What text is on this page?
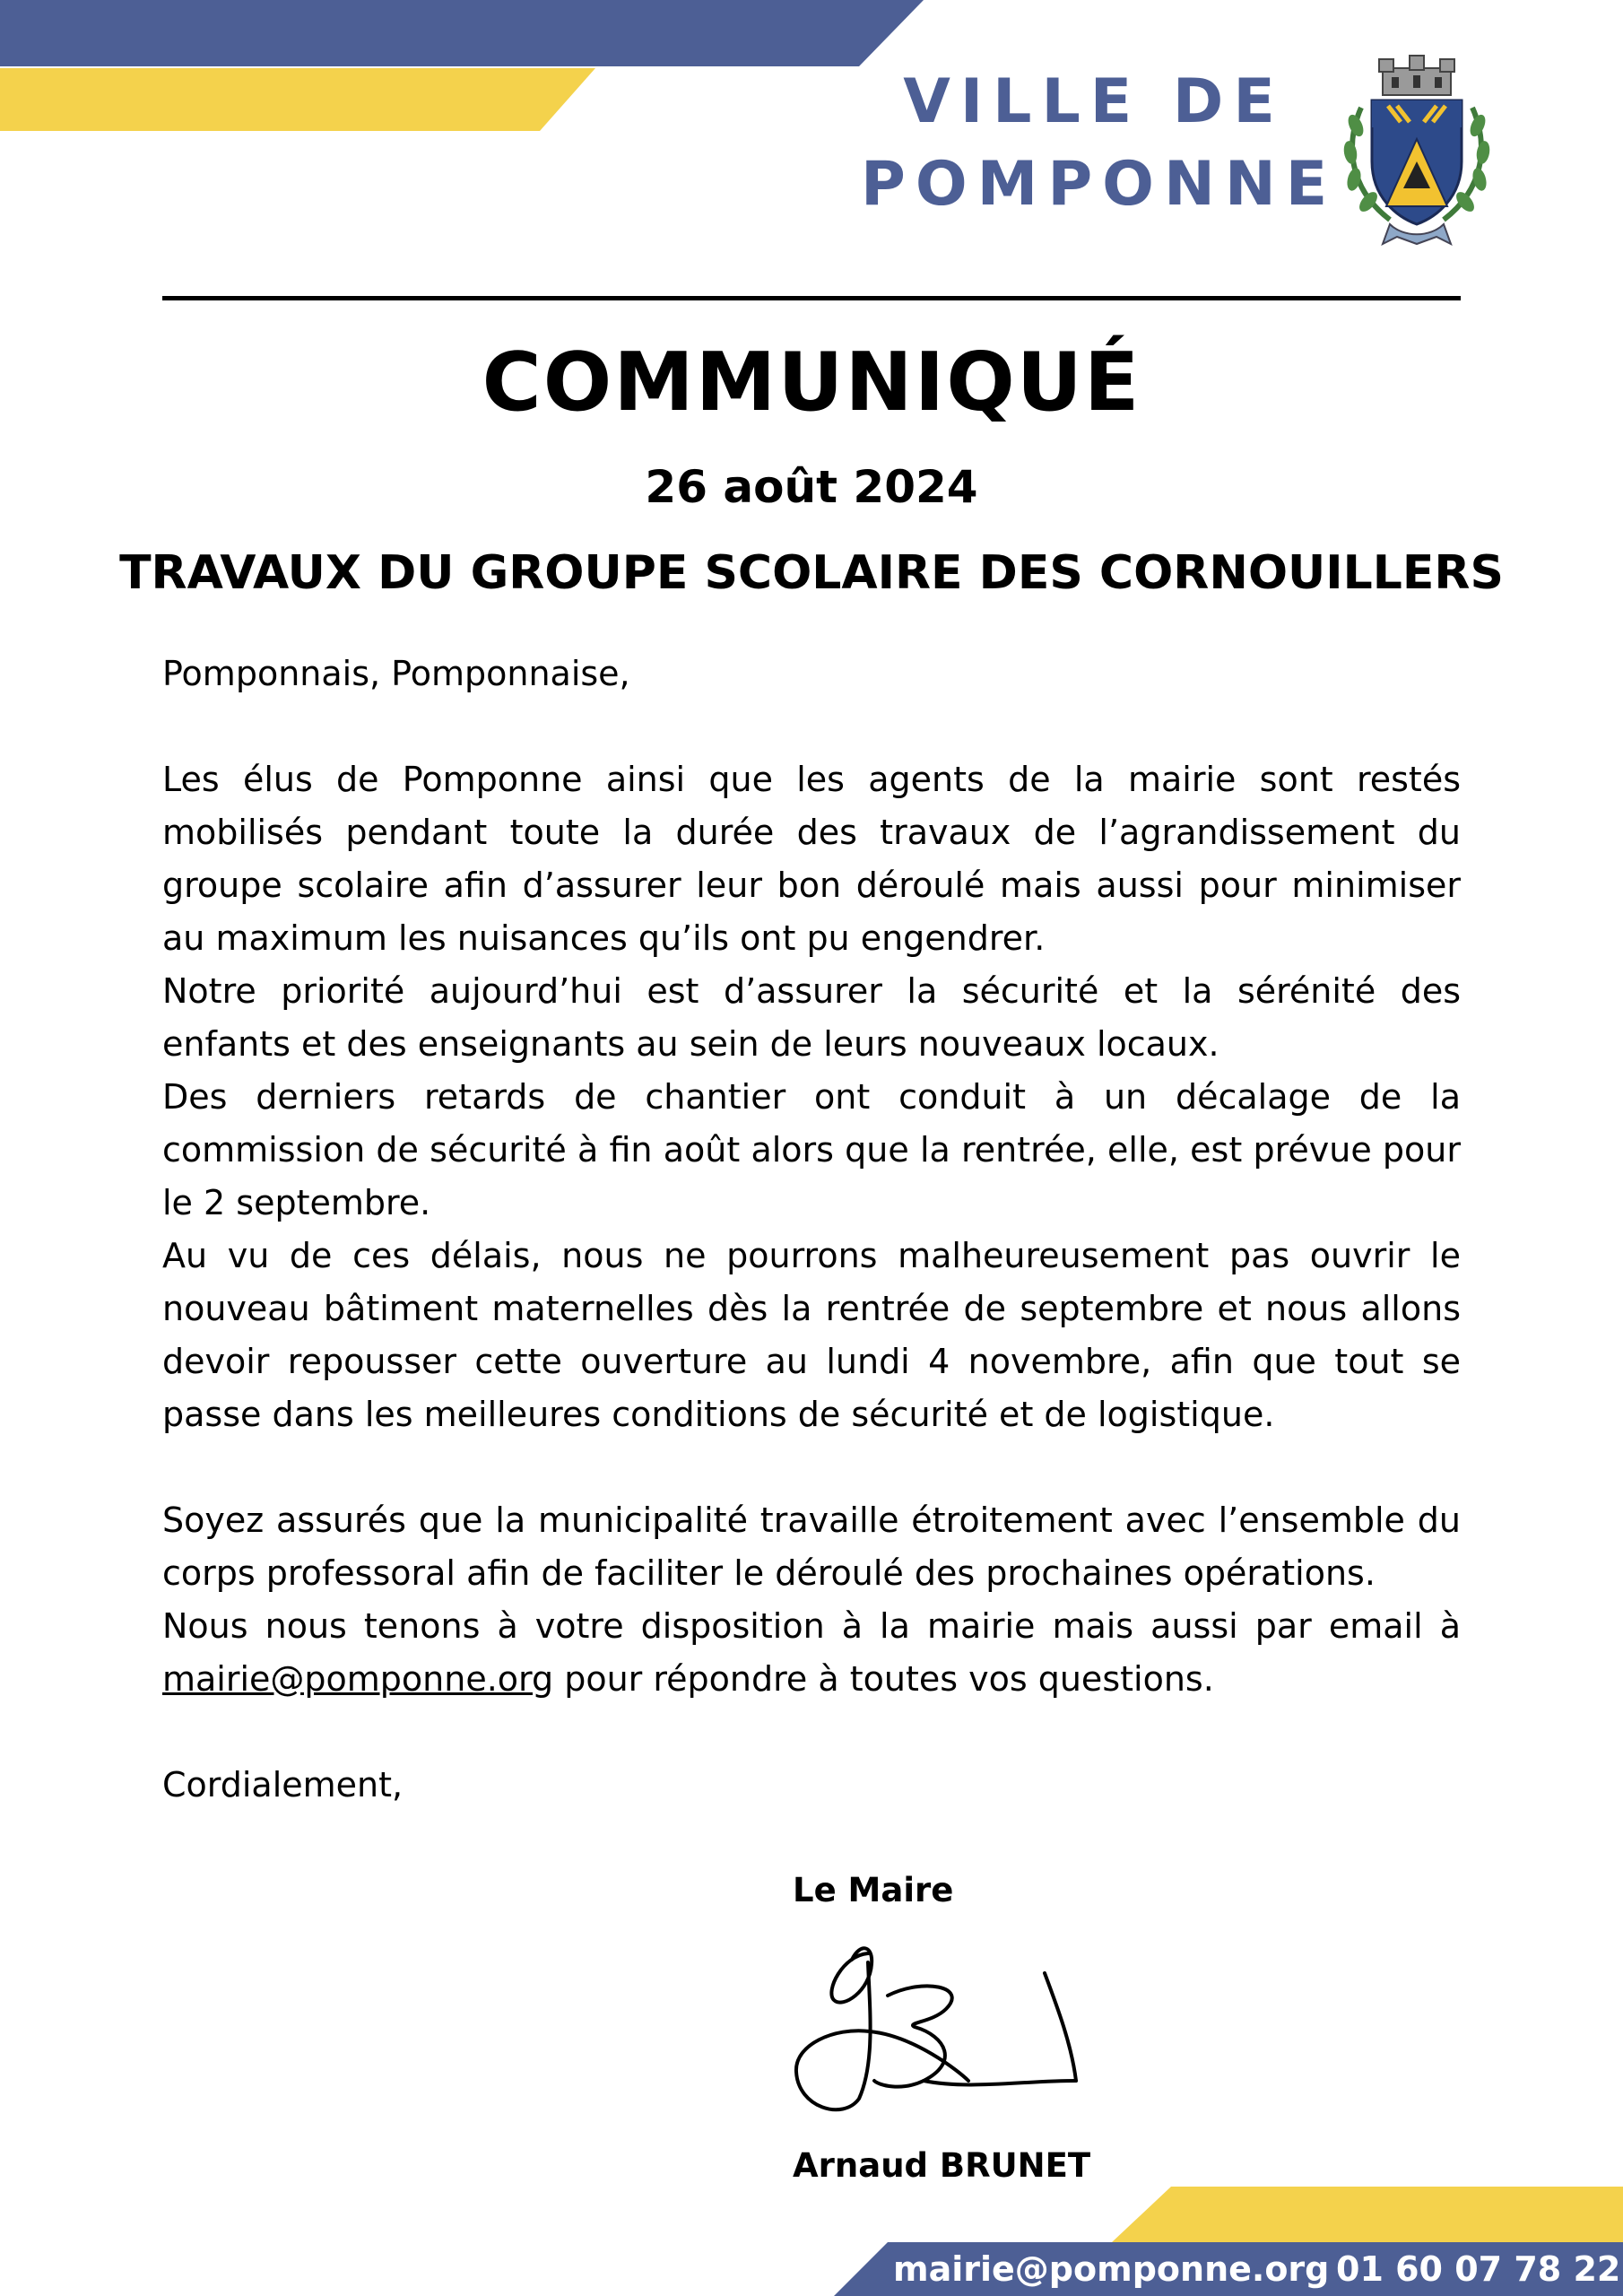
VILLE DE
POMPONNE
COMMUNIQUÉ
26 août 2024
TRAVAUX DU GROUPE SCOLAIRE DES CORNOUILLERS

Pomponnais, Pomponnaise,

Les élus de Pomponne ainsi que les agents de la mairie sont restés mobilisés pendant toute la durée des travaux de l’agrandissement du groupe scolaire afin d’assurer leur bon déroulé mais aussi pour minimiser au maximum les nuisances qu’ils ont pu engendrer.

Notre priorité aujourd’hui est d’assurer la sécurité et la sérénité des enfants et des enseignants au sein de leurs nouveaux locaux.

Des derniers retards de chantier ont conduit à un décalage de la commission de sécurité à fin août alors que la rentrée, elle, est prévue pour le 2 septembre.

Au vu de ces délais, nous ne pourrons malheureusement pas ouvrir le nouveau bâtiment maternelles dès la rentrée de septembre et nous allons devoir repousser cette ouverture au lundi 4 novembre, afin que tout se passe dans les meilleures conditions de sécurité et de logistique.

Soyez assurés que la municipalité travaille étroitement avec l’ensemble du corps professoral afin de faciliter le déroulé des prochaines opérations.

Nous nous tenons à votre disposition à la mairie mais aussi par email à mairie@pomponne.org pour répondre à toutes vos questions.

Cordialement,

Le Maire
Arnaud BRUNET
mairie@pomponne.org 01 60 07 78 22
